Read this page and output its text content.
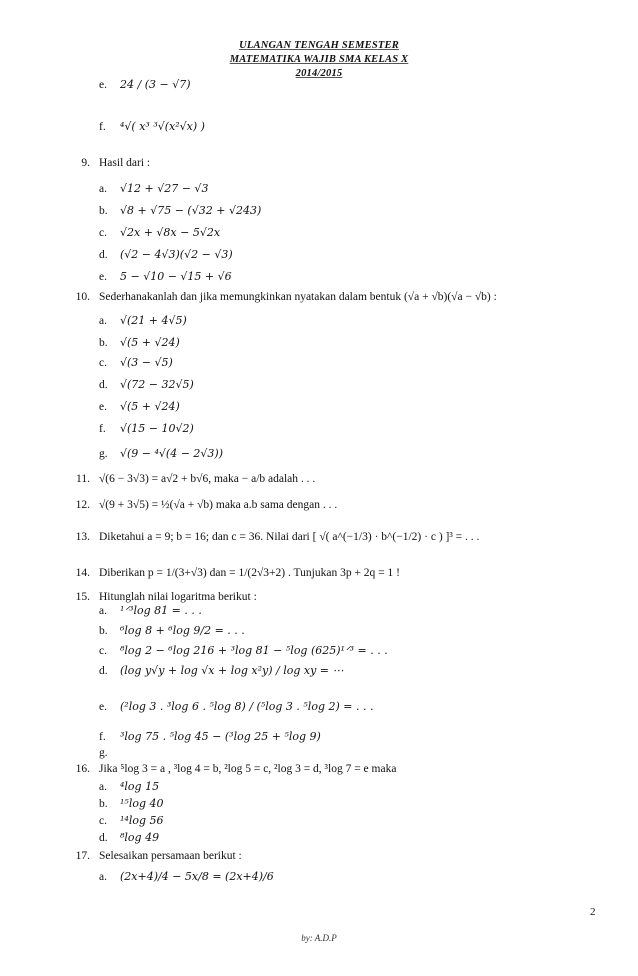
ULANGAN TENGAH SEMESTER
MATEMATIKA WAJIB SMA KELAS X
2014/2015
e. 24 / (3 − √7)
f. ⁴√( x³ ³√(x²√x) )
9. Hasil dari :
a. √12 + √27 − √3
b. √8 + √75 − (√32 + √243)
c. √2x + √8x − 5√2x
d. (√2 − 4√3)(√2 − √3)
e. 5 − √10 − √15 + √6
10. Sederhanakanlah dan jika memungkinkan nyatakan dalam bentuk (√a + √b)(√a − √b) :
a. √(21 + 4√5)
b. √(5 + √24)
c. √(3 − √5)
d. √(72 − 32√5)
e. √(5 + √24)
f. √(15 − 10√2)
g. √(9 − ⁴√(4 − 2√3))
11. √(6 − 3√3) = a√2 + b√6, maka − a/b adalah . . .
12. √(9 + 3√5) = ½(√a + √b) maka a.b sama dengan . . .
13. Diketahui a = 9; b = 16; dan c = 36. Nilai dari [ √( a^(−1/3) · b^(−1/2) · c ) ]³ = . . .
14. Diberikan p = 1/(3+√3) dan = 1/(2√3+2) . Tunjukan 3p + 2q = 1 !
15. Hitunglah nilai logaritma berikut :
a. ¹ᐟ³log 81 = . . .
b. ⁶log 8 + ⁶log 9/2 = . . .
c. ⁸log 2 − ⁶log 216 + ³log 81 − ⁵log (625)¹ᐟ³ = . . .
d. (log y√y + log √x + log x²y) / log xy = ⋯
e. (²log 3 . ³log 6 . ⁵log 8) / (⁵log 3 . ⁵log 2) = . . .
f. ³log 75 . ⁵log 45 − (³log 25 + ⁵log 9)
g.
16. Jika ⁵log 3 = a , ³log 4 = b, ²log 5 = c, ²log 3 = d, ³log 7 = e maka
a. ⁴log 15
b. ¹⁵log 40
c. ¹⁴log 56
d. ⁸log 49
17. Selesaikan persamaan berikut :
a. (2x+4)/4 − 5x/8 = (2x+4)/6
2
by: A.D.P
